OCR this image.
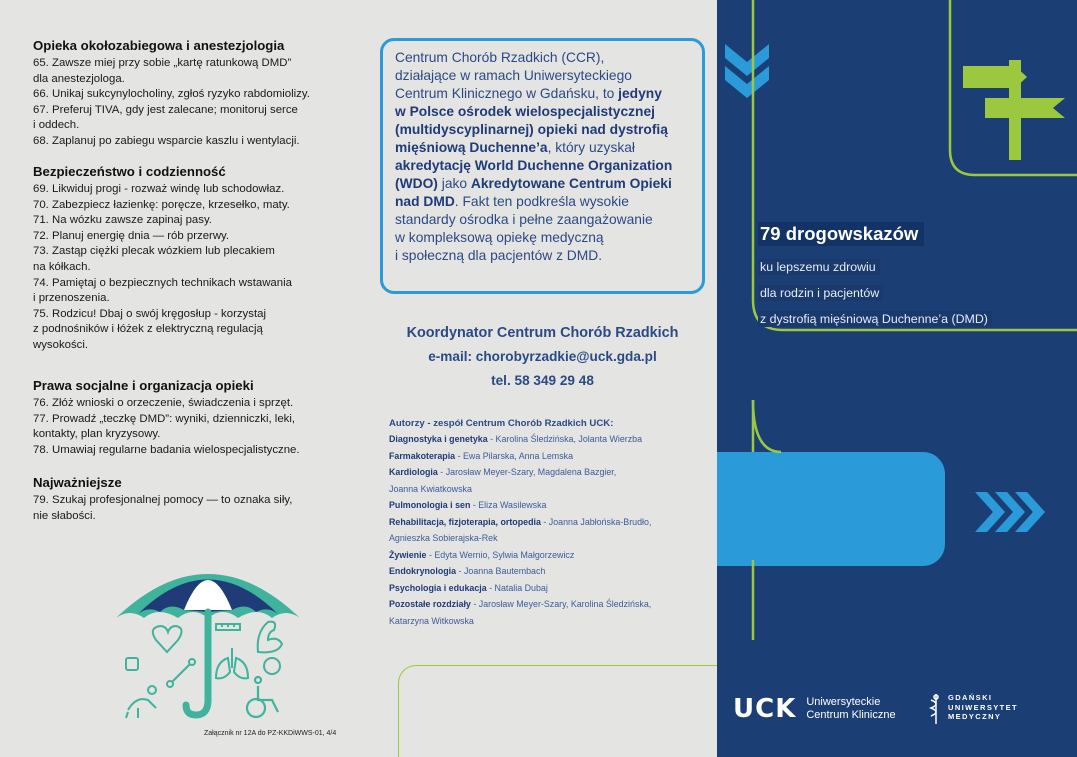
Opieka okołozabiegowa i anestezjologia
65. Zawsze miej przy sobie „kartę ratunkową DMD”
dla anestezjologa.
66. Unikaj sukcynylocholiny, zgłoś ryzyko rabdomiolizy.
67. Preferuj TIVA, gdy jest zalecane; monitoruj serce
i oddech.
68. Zaplanuj po zabiegu wsparcie kaszlu i wentylacji.
Bezpieczeństwo i codzienność
69. Likwiduj progi - rozważ windę lub schodowłaz.
70. Zabezpiecz łazienkę: poręcze, krzesełko, maty.
71. Na wózku zawsze zapinaj pasy.
72. Planuj energię dnia — rób przerwy.
73. Zastąp ciężki plecak wózkiem lub plecakiem
na kółkach.
74. Pamiętaj o bezpiecznych technikach wstawania
i przenoszenia.
75. Rodzicu! Dbaj o swój kręgosłup - korzystaj
z podnośników i łóżek z elektryczną regulacją
wysokości.
Prawa socjalne i organizacja opieki
76. Złóż wnioski o orzeczenie, świadczenia i sprzęt.
77. Prowadź „teczkę DMD”: wyniki, dzienniczki, leki,
kontakty, plan kryzysowy.
78. Umawiaj regularne badania wielospecjalistyczne.
Najważniejsze
79. Szukaj profesjonalnej pomocy — to oznaka siły,
nie słabości.
Załącznik nr 12A do PZ-KKDiWWS-01, 4/4
Centrum Chorób Rzadkich (CCR),
działające w ramach Uniwersyteckiego
Centrum Klinicznego w Gdańsku, to jedyny
w Polsce ośrodek wielospecjalistycznej
(multidyscyplinarnej) opieki nad dystrofią
mięśniową Duchenne’a, który uzyskał
akredytację World Duchenne Organization
(WDO) jako Akredytowane Centrum Opieki
nad DMD. Fakt ten podkreśla wysokie
standardy ośrodka i pełne zaangażowanie
w kompleksową opiekę medyczną
i społeczną dla pacjentów z DMD.
Koordynator Centrum Chorób Rzadkich
e-mail: chorobyrzadkie@uck.gda.pl
tel. 58 349 29 48
Autorzy - zespół Centrum Chorób Rzadkich UCK:
Diagnostyka i genetyka - Karolina Śledzińska, Jolanta Wierzba
Farmakoterapia - Ewa Pilarska, Anna Lemska
Kardiologia - Jarosław Meyer-Szary, Magdalena Bazgier,
Joanna Kwiatkowska
Pulmonologia i sen - Eliza Wasilewska
Rehabilitacja, fizjoterapia, ortopedia - Joanna Jabłońska-Brudło,
Agnieszka Sobierajska-Rek
Żywienie - Edyta Wernio, Sylwia Małgorzewicz
Endokrynologia - Joanna Bautembach
Psychologia i edukacja - Natalia Dubaj
Pozostałe rozdziały - Jarosław Meyer-Szary, Karolina Śledzińska,
Katarzyna Witkowska
79 drogowskazów
ku lepszemu zdrowiu
dla rodzin i pacjentów
z dystrofią mięśniową Duchenne’a (DMD)
UCK Uniwersyteckie
Centrum Kliniczne
GDAŃSKI
UNIWERSYTET
MEDYCZNY
